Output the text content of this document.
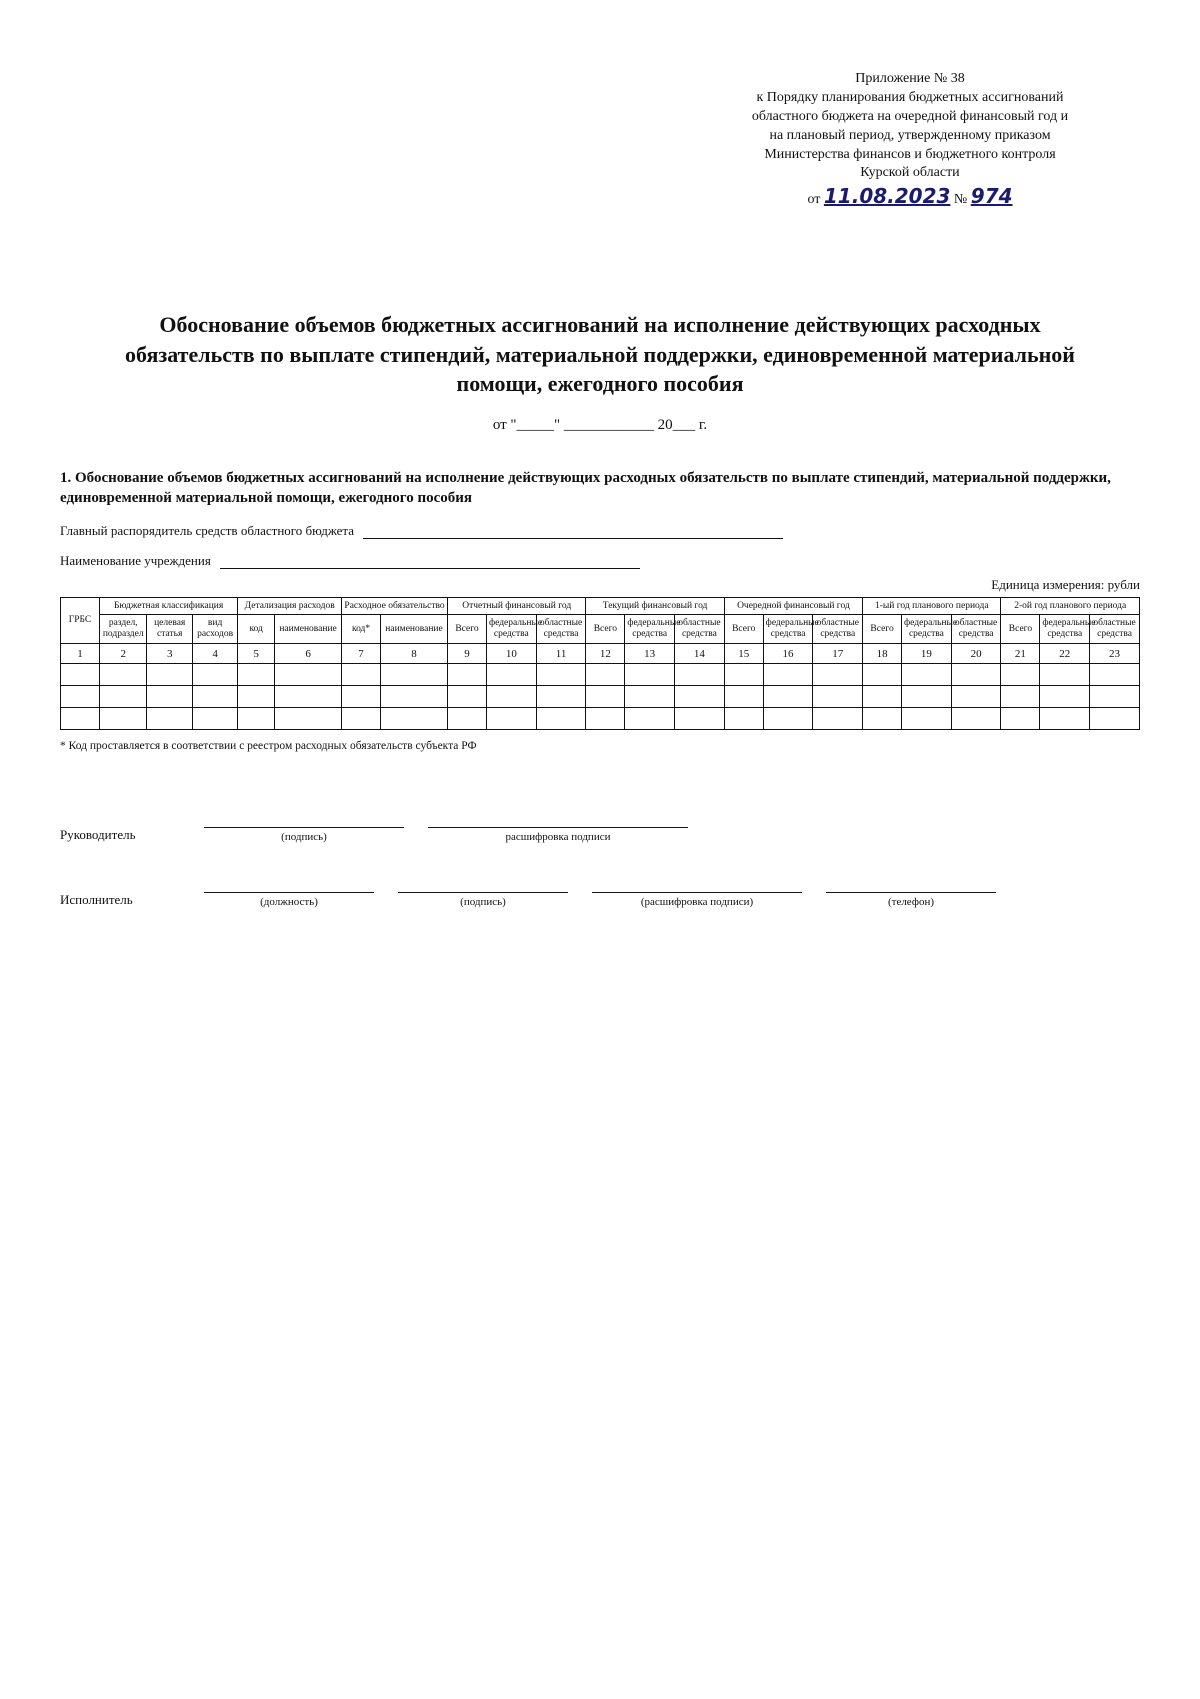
Приложение № 38
к Порядку планирования бюджетных ассигнований
областного бюджета на очередной финансовый год и
на плановый период, утвержденному приказом
Министерства финансов и бюджетного контроля
Курской области
от 11.08.2023 № 974
Обоснование объемов бюджетных ассигнований на исполнение действующих расходных обязательств по выплате стипендий, материальной поддержки, единовременной материальной помощи, ежегодного пособия
от "_____" ____________ 20___ г.
1. Обоснование объемов бюджетных ассигнований на исполнение действующих расходных обязательств по выплате стипендий, материальной поддержки, единовременной материальной помощи, ежегодного пособия
Главный распорядитель средств областного бюджета
Наименование учреждения
Единица измерения: рубли
ГРБС	Бюджетная классификация			Детализация расходов		Расходное обязательство		Отчетный финансовый год			Текущий финансовый год			Очередной финансовый год			1-ый год планового периода			2-ой год планового периода		
	раздел, подраздел	целевая статья	вид расходов	код	наименование	код*	наименование	Всего	федеральные средства	областные средства	Всего	федеральные средства	областные средства	Всего	федеральные средства	областные средства	Всего	федеральные средства	областные средства	Всего	федеральные средства	областные средства
1	2	3	4	5	6	7	8	9	10	11	12	13	14	15	16	17	18	19	20	21	22	23

* Код проставляется в соответствии с реестром расходных обязательств субъекта РФ
Руководитель	(подпись)	расшифровка подписи
Исполнитель	(должность)	(подпись)	(расшифровка подписи)	(телефон)
